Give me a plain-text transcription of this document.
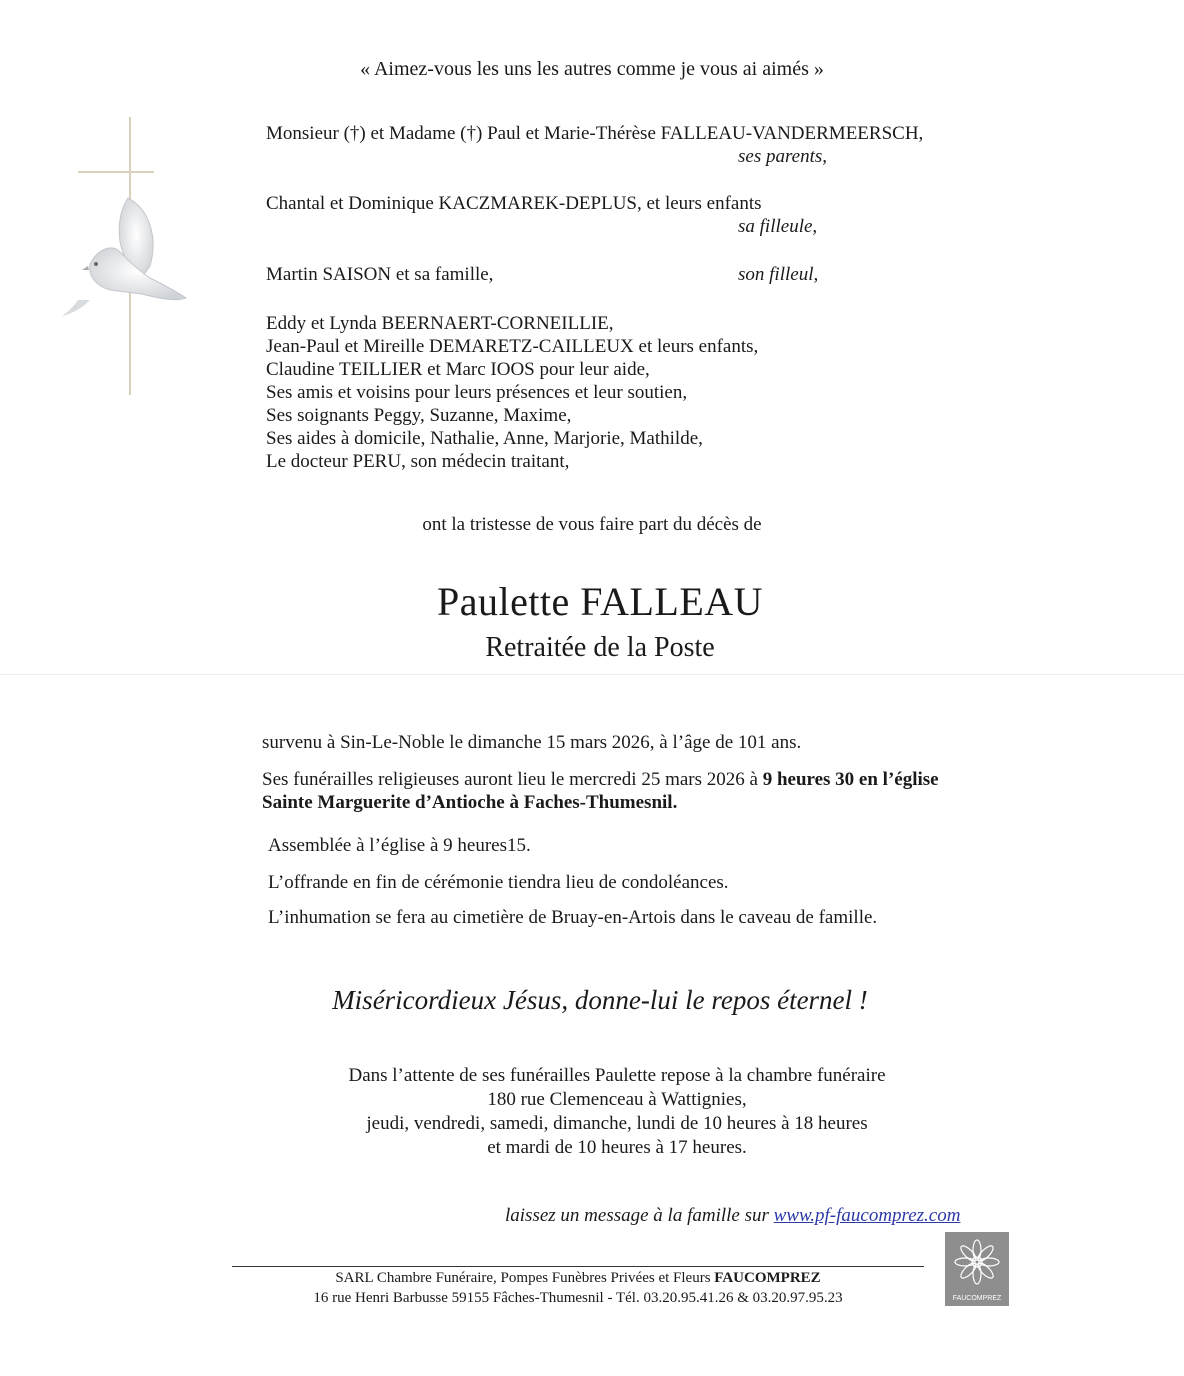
« Aimez-vous les uns les autres comme je vous ai aimés »
Monsieur (†) et Madame (†) Paul et Marie-Thérèse FALLEAU-VANDERMEERSCH,
ses parents,
Chantal et Dominique KACZMAREK-DEPLUS, et leurs enfants
sa filleule,
Martin SAISON et sa famille,	son filleul,
Eddy et Lynda BEERNAERT-CORNEILLIE,
Jean-Paul et Mireille DEMARETZ-CAILLEUX et leurs enfants,
Claudine TEILLIER et Marc IOOS pour leur aide,
Ses amis et voisins pour leurs présences et leur soutien,
Ses soignants Peggy, Suzanne, Maxime,
Ses aides à domicile, Nathalie, Anne, Marjorie, Mathilde,
Le docteur PERU, son médecin traitant,
ont la tristesse de vous faire part du décès de
Paulette FALLEAU
Retraitée de la Poste
survenu à Sin-Le-Noble le dimanche 15 mars 2026, à l’âge de 101 ans.
Ses funérailles religieuses auront lieu le mercredi 25 mars 2026 à 9 heures 30 en l’église
Sainte Marguerite d’Antioche à Faches-Thumesnil.
Assemblée à l’église à 9 heures15.
L’offrande en fin de cérémonie tiendra lieu de condoléances.
L’inhumation se fera au cimetière de Bruay-en-Artois dans le caveau de famille.
Miséricordieux Jésus, donne-lui le repos éternel !
Dans l’attente de ses funérailles Paulette repose à la chambre funéraire
180 rue Clemenceau à Wattignies,
jeudi, vendredi, samedi, dimanche, lundi de 10 heures à 18 heures
et mardi de 10 heures à 17 heures.
laissez un message à la famille sur www.pf-faucomprez.com
SARL Chambre Funéraire, Pompes Funèbres Privées et Fleurs FAUCOMPREZ
16 rue Henri Barbusse 59155 Fâches-Thumesnil - Tél. 03.20.95.41.26 & 03.20.97.95.23	FAUCOMPREZ
